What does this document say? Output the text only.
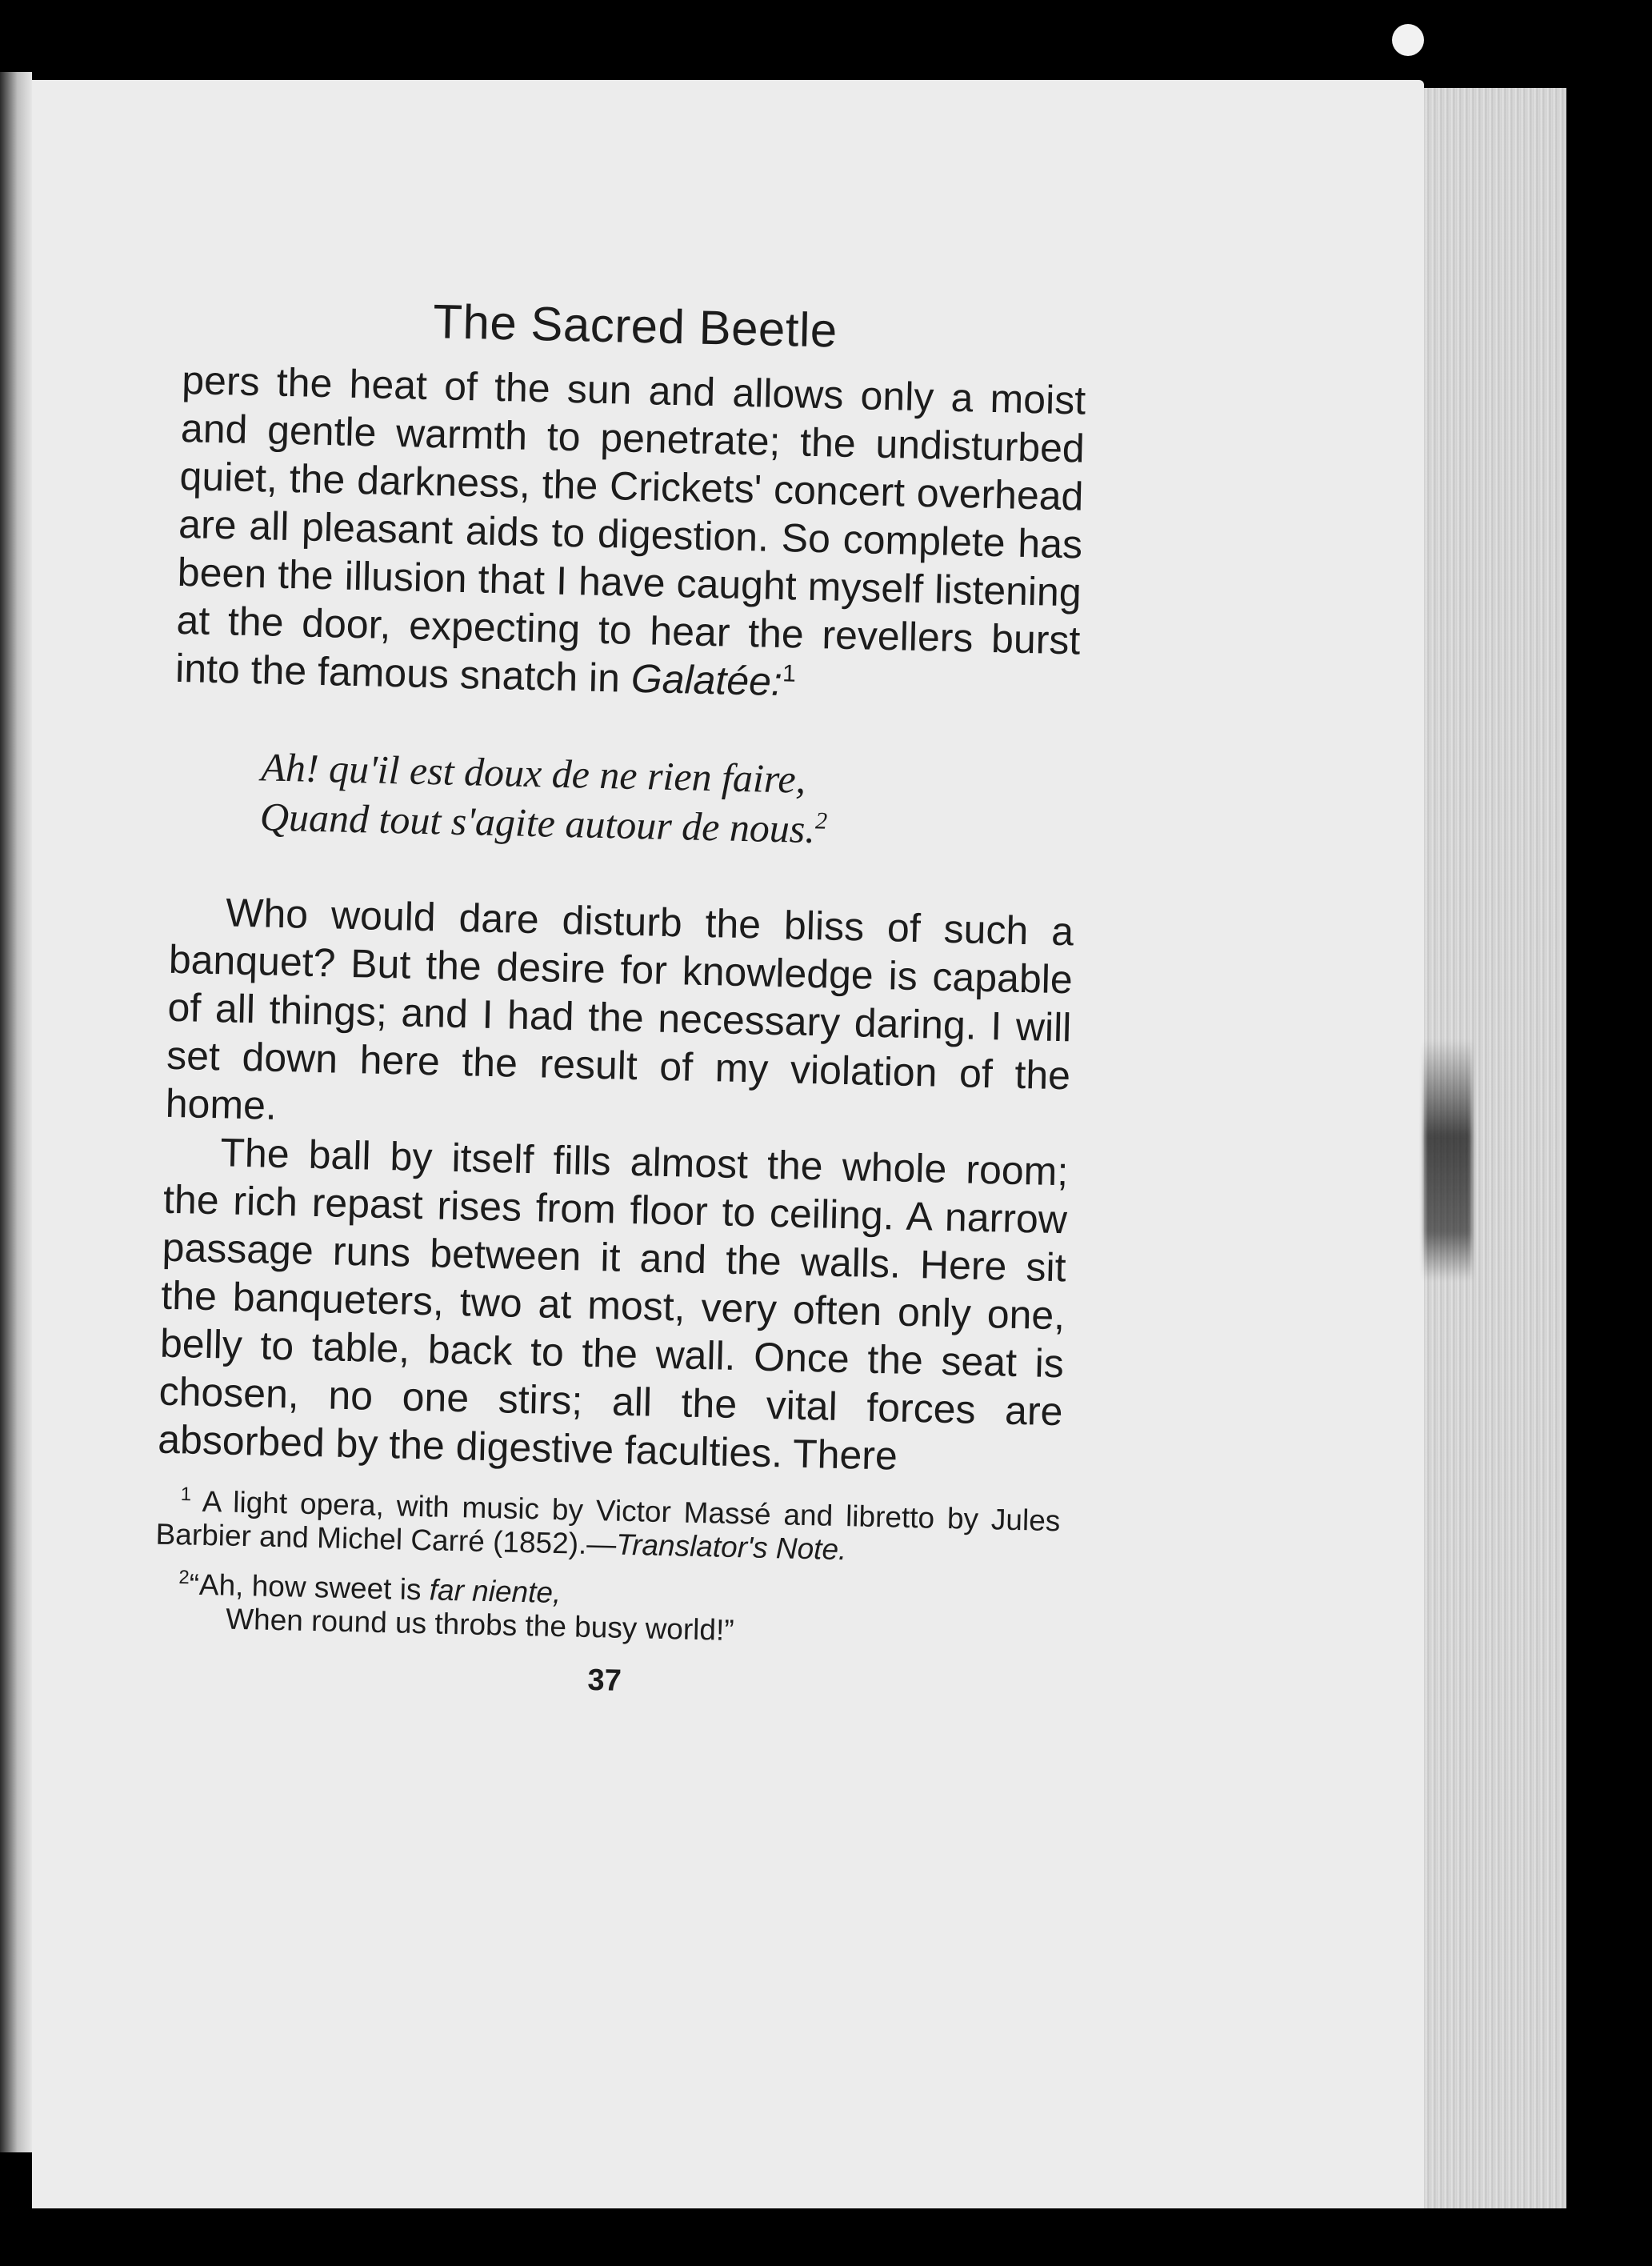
The Sacred Beetle

pers the heat of the sun and allows only a moist and gentle warmth to penetrate; the undisturbed quiet, the darkness, the Crickets' concert overhead are all pleasant aids to digestion. So complete has been the illusion that I have caught myself listening at the door, expecting to hear the revellers burst into the famous snatch in Galatée:$^1$

Ah! qu'il est doux de ne rien faire,
Quand tout s'agite autour de nous.$^2$

Who would dare disturb the bliss of such a banquet? But the desire for knowledge is capable of all things; and I had the necessary daring. I will set down here the result of my violation of the home.

The ball by itself fills almost the whole room; the rich repast rises from floor to ceiling. A narrow passage runs between it and the walls. Here sit the banqueters, two at most, very often only one, belly to table, back to the wall. Once the seat is chosen, no one stirs; all the vital forces are absorbed by the digestive faculties. There

$^1$ A light opera, with music by Victor Massé and libretto by Jules Barbier and Michel Carré (1852).—Translator's Note.

$^2$“Ah, how sweet is far niente,
When round us throbs the busy world!”

37
